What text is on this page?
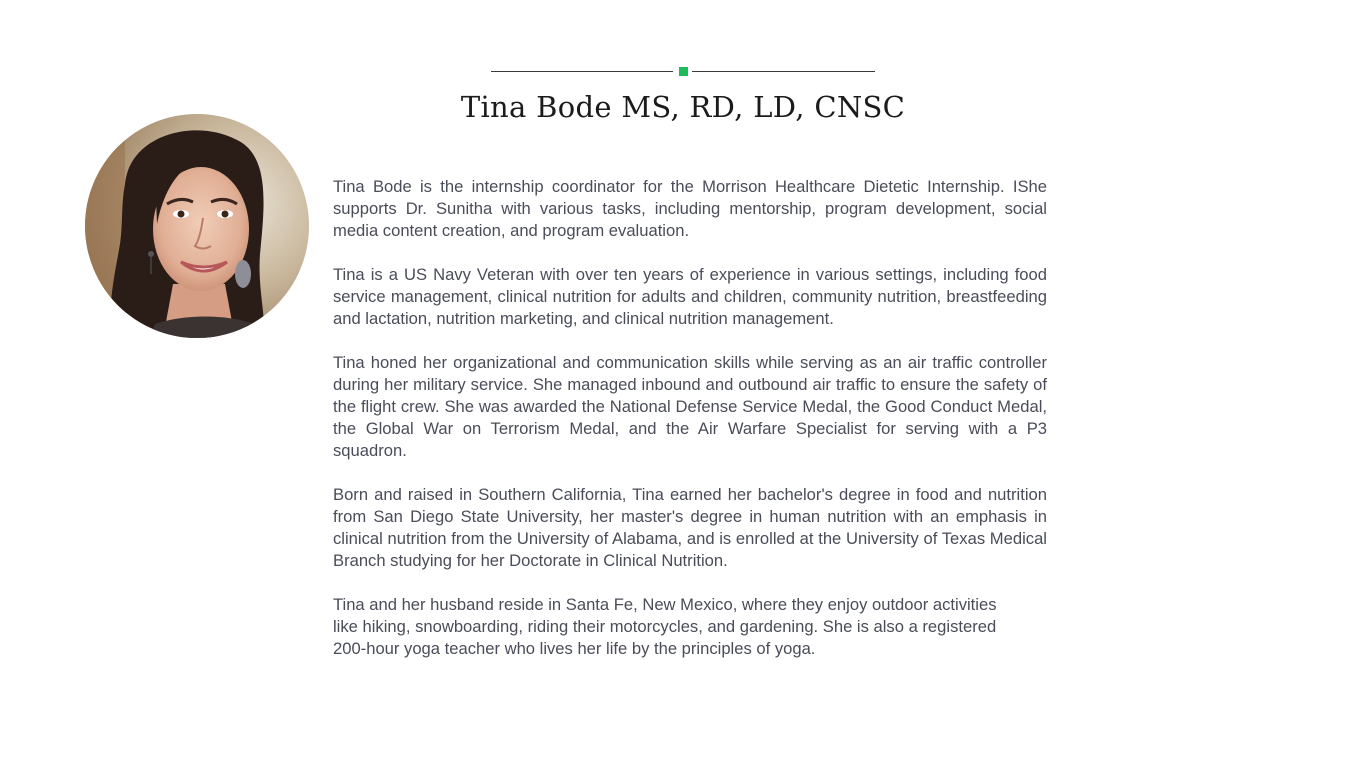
Tina Bode MS, RD, LD, CNSC

Tina Bode is the internship coordinator for the Morrison Healthcare Dietetic Internship. IShe supports Dr. Sunitha with various tasks, including mentorship, program development, social media content creation, and program evaluation.

Tina is a US Navy Veteran with over ten years of experience in various settings, including food service management, clinical nutrition for adults and children, community nutrition, breastfeeding and lactation, nutrition marketing, and clinical nutrition management.

Tina honed her organizational and communication skills while serving as an air traffic controller during her military service. She managed inbound and outbound air traffic to ensure the safety of the flight crew. She was awarded the National Defense Service Medal, the Good Conduct Medal, the Global War on Terrorism Medal, and the Air Warfare Specialist for serving with a P3 squadron.

Born and raised in Southern California, Tina earned her bachelor's degree in food and nutrition from San Diego State University, her master's degree in human nutrition with an emphasis in clinical nutrition from the University of Alabama, and is enrolled at the University of Texas Medical Branch studying for her Doctorate in Clinical Nutrition.

Tina and her husband reside in Santa Fe, New Mexico, where they enjoy outdoor activities like hiking, snowboarding, riding their motorcycles, and gardening. She is also a registered 200-hour yoga teacher who lives her life by the principles of yoga.
